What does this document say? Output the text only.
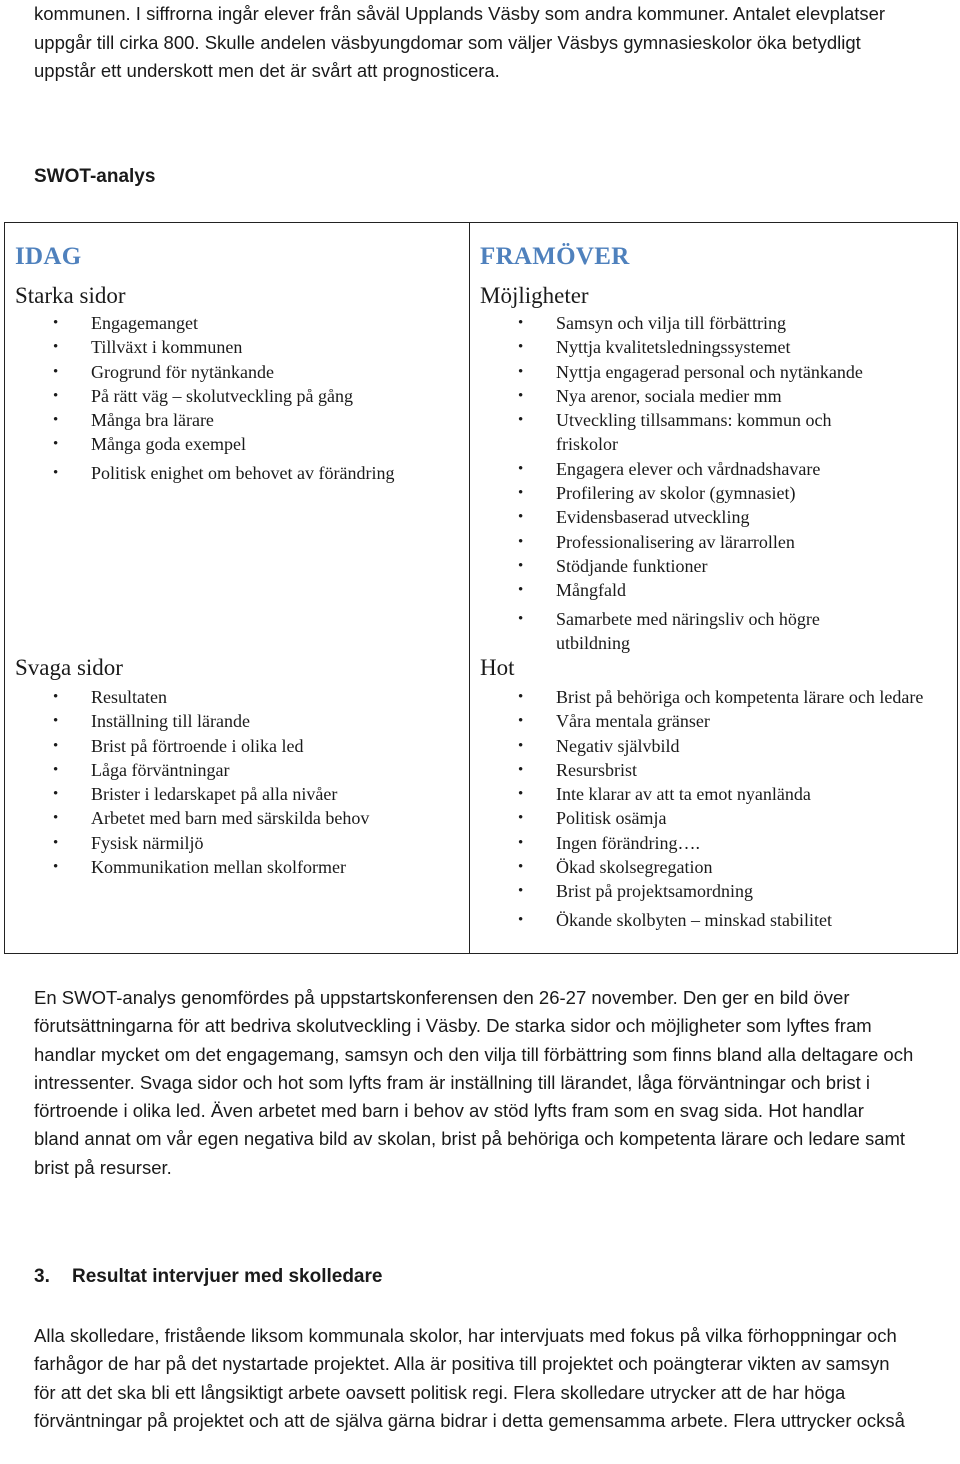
kommunen. I siffrorna ingår elever från såväl Upplands Väsby som andra kommuner. Antalet elevplatser uppgår till cirka 800. Skulle andelen väsbyungdomar som väljer Väsbys gymnasieskolor öka betydligt uppstår ett underskott men det är svårt att prognosticera.

SWOT-analys
IDAG
Starka sidor
• Engagemanget
• Tillväxt i kommunen
• Grogrund för nytänkande
• På rätt väg – skolutveckling på gång
• Många bra lärare
• Många goda exempel
• Politisk enighet om behovet av förändring
Svaga sidor
• Resultaten
• Inställning till lärande
• Brist på förtroende i olika led
• Låga förväntningar
• Brister i ledarskapet på alla nivåer
• Arbetet med barn med särskilda behov
• Fysisk närmiljö
• Kommunikation mellan skolformer
FRAMÖVER
Möjligheter
• Samsyn och vilja till förbättring
• Nyttja kvalitetsledningssystemet
• Nyttja engagerad personal och nytänkande
• Nya arenor, sociala medier mm
• Utveckling tillsammans: kommun och friskolor
• Engagera elever och vårdnadshavare
• Profilering av skolor (gymnasiet)
• Evidensbaserad utveckling
• Professionalisering av lärarrollen
• Stödjande funktioner
• Mångfald
• Samarbete med näringsliv och högre utbildning
Hot
• Brist på behöriga och kompetenta lärare och ledare
• Våra mentala gränser
• Negativ självbild
• Resursbrist
• Inte klarar av att ta emot nyanlända
• Politisk osämja
• Ingen förändring….
• Ökad skolsegregation
• Brist på projektsamordning
• Ökande skolbyten – minskad stabilitet

En SWOT-analys genomfördes på uppstartskonferensen den 26-27 november. Den ger en bild över förutsättningarna för att bedriva skolutveckling i Väsby. De starka sidor och möjligheter som lyftes fram handlar mycket om det engagemang, samsyn och den vilja till förbättring som finns bland alla deltagare och intressenter. Svaga sidor och hot som lyfts fram är inställning till lärandet, låga förväntningar och brist i förtroende i olika led. Även arbetet med barn i behov av stöd lyfts fram som en svag sida. Hot handlar bland annat om vår egen negativa bild av skolan, brist på behöriga och kompetenta lärare och ledare samt brist på resurser.

3. Resultat intervjuer med skolledare

Alla skolledare, fristående liksom kommunala skolor, har intervjuats med fokus på vilka förhoppningar och farhågor de har på det nystartade projektet. Alla är positiva till projektet och poängterar vikten av samsyn för att det ska bli ett långsiktigt arbete oavsett politisk regi. Flera skolledare utrycker att de har höga förväntningar på projektet och att de själva gärna bidrar i detta gemensamma arbete. Flera uttrycker också
